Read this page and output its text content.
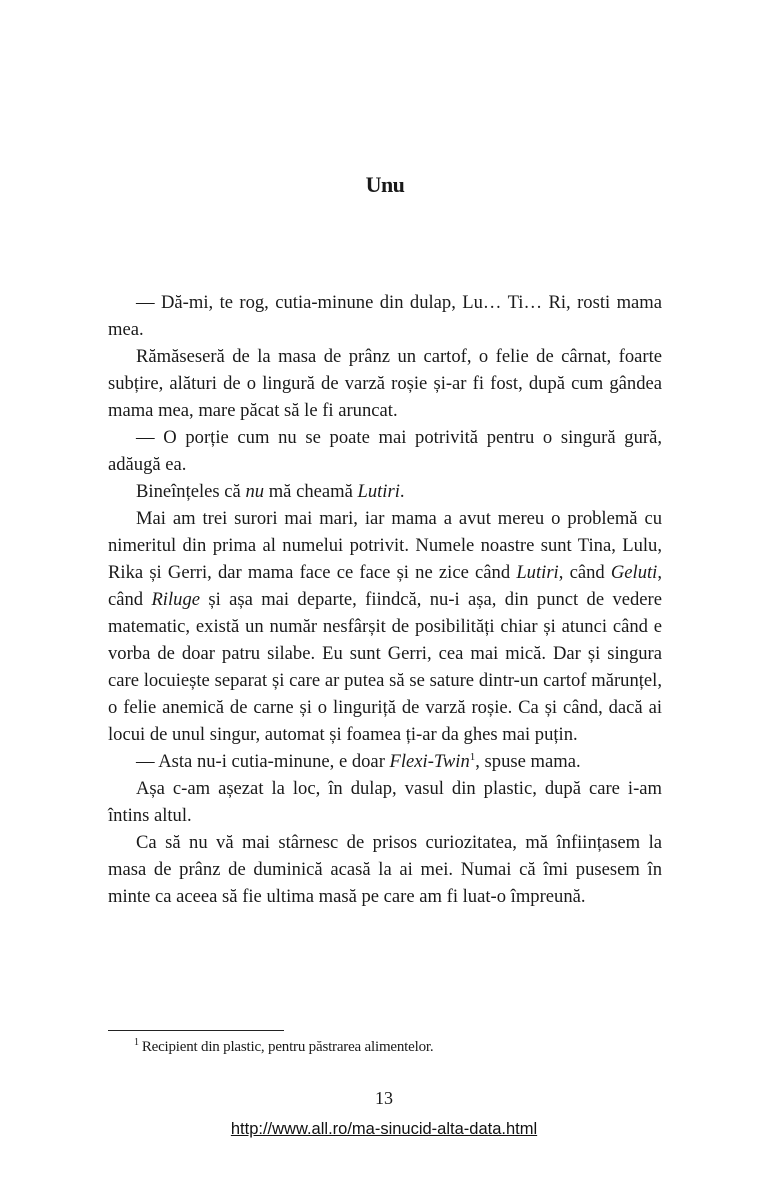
Unu

— Dă-mi, te rog, cutia-minune din dulap, Lu… Ti… Ri, rosti mama mea.

Rămăseseră de la masa de prânz un cartof, o felie de cârnat, foarte subțire, alături de o lingură de varză roșie și-ar fi fost, după cum gândea mama mea, mare păcat să le fi aruncat.

— O porție cum nu se poate mai potrivită pentru o singură gură, adăugă ea.

Bineînțeles că nu mă cheamă Lutiri.

Mai am trei surori mai mari, iar mama a avut mereu o problemă cu nimeritul din prima al numelui potrivit. Numele noastre sunt Tina, Lulu, Rika și Gerri, dar mama face ce face și ne zice când Lutiri, când Geluti, când Riluge și așa mai departe, fiindcă, nu-i așa, din punct de vedere matematic, există un număr nesfârșit de posibilități chiar și atunci când e vorba de doar patru silabe. Eu sunt Gerri, cea mai mică. Dar și singura care locuiește separat și care ar putea să se sature dintr-un cartof mărunțel, o felie anemică de carne și o linguriță de varză roșie. Ca și când, dacă ai locui de unul singur, automat și foamea ți-ar da ghes mai puțin.

— Asta nu-i cutia-minune, e doar Flexi-Twin$^1$, spuse mama.

Așa c-am așezat la loc, în dulap, vasul din plastic, după care i-am întins altul.

Ca să nu vă mai stârnesc de prisos curiozitatea, mă înființasem la masa de prânz de duminică acasă la ai mei. Numai că îmi pusesem în minte ca aceea să fie ultima masă pe care am fi luat-o împreună.

$^1$ Recipient din plastic, pentru păstrarea alimentelor.
13
http://www.all.ro/ma-sinucid-alta-data.html
